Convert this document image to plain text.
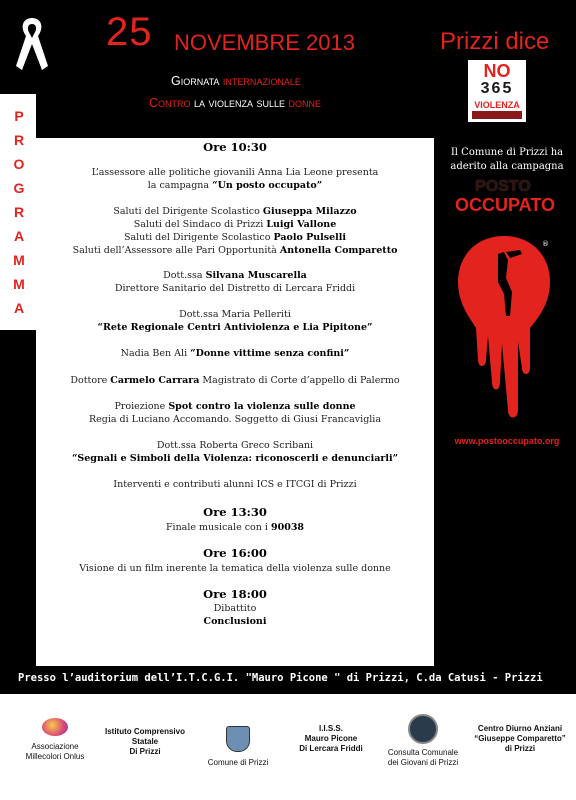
25 NOVEMBRE 2013	Prizzi dice
NO
365
VIOLENZA
Giornata internazionale
Contro la violenza sulle donne
P
R
O
G
R
A
M
M
A
Ore 10:30
L’assessore alle politiche giovanili Anna Lia Leone presenta
la campagna “Un posto occupato”
Saluti del Dirigente Scolastico Giuseppa Milazzo
Saluti del Sindaco di Prizzi Luigi Vallone
Saluti del Dirigente Scolastico Paolo Pulselli
Saluti dell’Assessore alle Pari Opportunità Antonella Comparetto
Dott.ssa Silvana Muscarella
Direttore Sanitario del Distretto di Lercara Friddi
Dott.ssa Maria Pelleriti
“Rete Regionale Centri Antiviolenza e Lia Pipitone”
Nadia Ben Ali “Donne vittime senza confini”
Dottore Carmelo Carrara Magistrato di Corte d’appello di Palermo
Proiezione Spot contro la violenza sulle donne
Regia di Luciano Accomando. Soggetto di Giusi Francaviglia
Dott.ssa Roberta Greco Scribani
“Segnali e Simboli della Violenza: riconoscerli e denunciarli”
Interventi e contributi alunni ICS e ITCGI di Prizzi
Ore 13:30
Finale musicale con i 90038
Ore 16:00
Visione di un film inerente la tematica della violenza sulle donne
Ore 18:00
Dibattito
Conclusioni
Il Comune di Prizzi ha
aderito alla campagna
POSTO
OCCUPATO
®
www.postooccupato.org
Presso l’auditorium dell’I.T.C.G.I. "Mauro Picone " di Prizzi, C.da Catusi - Prizzi
Associazione
Millecolori Onlus
Istituto Comprensivo
Statale
Di Prizzi
Comune di Prizzi
I.I.S.S.
Mauro Picone
Di Lercara Friddi	Consulta Comunale
dei Giovani di Prizzi
Centro Diurno Anziani
“Giuseppe Comparetto”
di Prizzi
